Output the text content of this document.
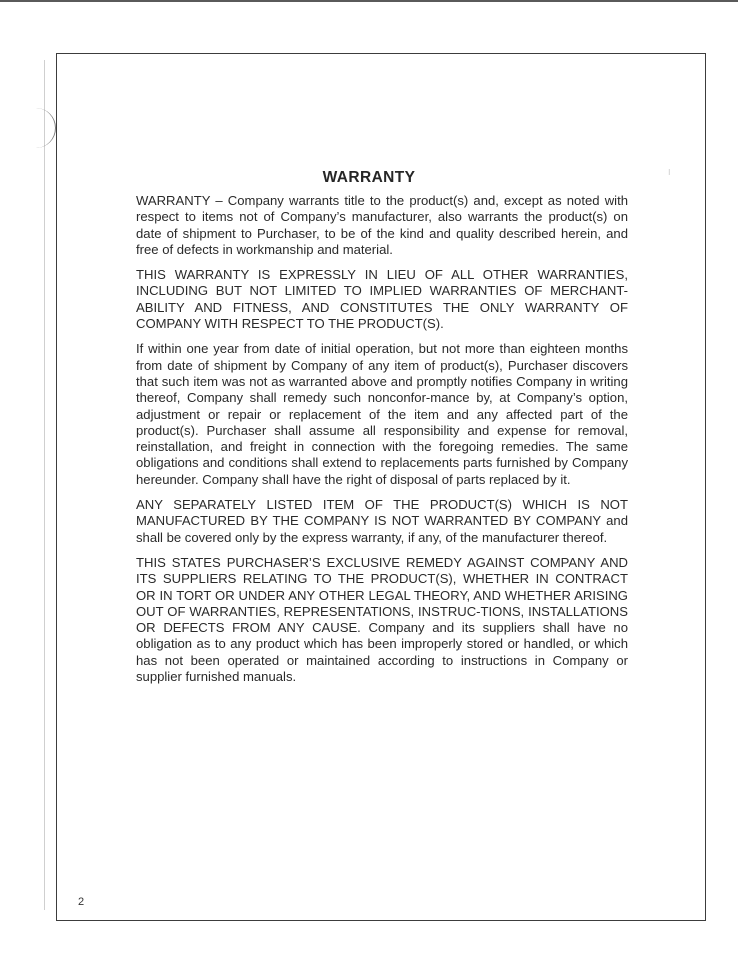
⁝
WARRANTY

WARRANTY – Company warrants title to the product(s) and, except as noted with respect to items not of Company’s manufacturer, also warrants the product(s) on date of shipment to Purchaser, to be of the kind and quality described herein, and free of defects in workmanship and material.

THIS WARRANTY IS EXPRESSLY IN LIEU OF ALL OTHER WARRANTIES, INCLUDING BUT NOT LIMITED TO IMPLIED WARRANTIES OF MERCHANT-ABILITY AND FITNESS, AND CONSTITUTES THE ONLY WARRANTY OF COMPANY WITH RESPECT TO THE PRODUCT(S).

If within one year from date of initial operation, but not more than eighteen months from date of shipment by Company of any item of product(s), Purchaser discovers that such item was not as warranted above and promptly notifies Company in writing thereof, Company shall remedy such nonconfor-mance by, at Company’s option, adjustment or repair or replacement of the item and any affected part of the product(s). Purchaser shall assume all responsibility and expense for removal, reinstallation, and freight in connection with the foregoing remedies. The same obligations and conditions shall extend to replacements parts furnished by Company hereunder. Company shall have the right of disposal of parts replaced by it.

ANY SEPARATELY LISTED ITEM OF THE PRODUCT(S) WHICH IS NOT MANUFACTURED BY THE COMPANY IS NOT WARRANTED BY COMPANY and shall be covered only by the express warranty, if any, of the manufacturer thereof.

THIS STATES PURCHASER’S EXCLUSIVE REMEDY AGAINST COMPANY AND ITS SUPPLIERS RELATING TO THE PRODUCT(S), WHETHER IN CONTRACT OR IN TORT OR UNDER ANY OTHER LEGAL THEORY, AND WHETHER ARISING OUT OF WARRANTIES, REPRESENTATIONS, INSTRUC-TIONS, INSTALLATIONS OR DEFECTS FROM ANY CAUSE. Company and its suppliers shall have no obligation as to any product which has been improperly stored or handled, or which has not been operated or maintained according to instructions in Company or supplier furnished manuals.

2
